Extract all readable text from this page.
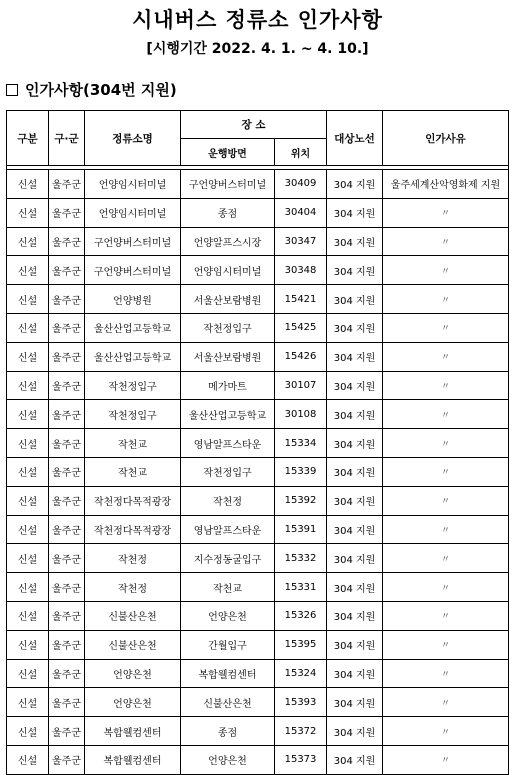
시내버스 정류소 인가사항
[시행기간 2022. 4. 1. ~ 4. 10.]
인가사항(304번 지원)
구분	구·군	정류소명	장 소		대상노선	인가사유
			운행방면	위치		

신설	울주군	언양임시터미널	구언양버스터미널	30409	304 지원	울주세계산악영화제 지원
신설	울주군	언양임시터미널	종점	30404	304 지원	〃
신설	울주군	구언양버스터미널	언양알프스시장	30347	304 지원	〃
신설	울주군	구언양버스터미널	언양임시터미널	30348	304 지원	〃
신설	울주군	언양병원	서울산보람병원	15421	304 지원	〃
신설	울주군	울산산업고등학교	작천정입구	15425	304 지원	〃
신설	울주군	울산산업고등학교	서울산보람병원	15426	304 지원	〃
신설	울주군	작천정입구	메가마트	30107	304 지원	〃
신설	울주군	작천정입구	울산산업고등학교	30108	304 지원	〃
신설	울주군	작천교	영남알프스타운	15334	304 지원	〃
신설	울주군	작천교	작천정입구	15339	304 지원	〃
신설	울주군	작천정다목적광장	작천정	15392	304 지원	〃
신설	울주군	작천정다목적광장	영남알프스타운	15391	304 지원	〃
신설	울주군	작천정	지수정동굴입구	15332	304 지원	〃
신설	울주군	작천정	작천교	15331	304 지원	〃
신설	울주군	신불산은천	언양은천	15326	304 지원	〃
신설	울주군	신불산은천	간월입구	15395	304 지원	〃
신설	울주군	언양은천	복합웰컴센터	15324	304 지원	〃
신설	울주군	언양은천	신불산은천	15393	304 지원	〃
신설	울주군	복합웰컴센터	종점	15372	304 지원	〃
신설	울주군	복합웰컴센터	언양은천	15373	304 지원	〃
